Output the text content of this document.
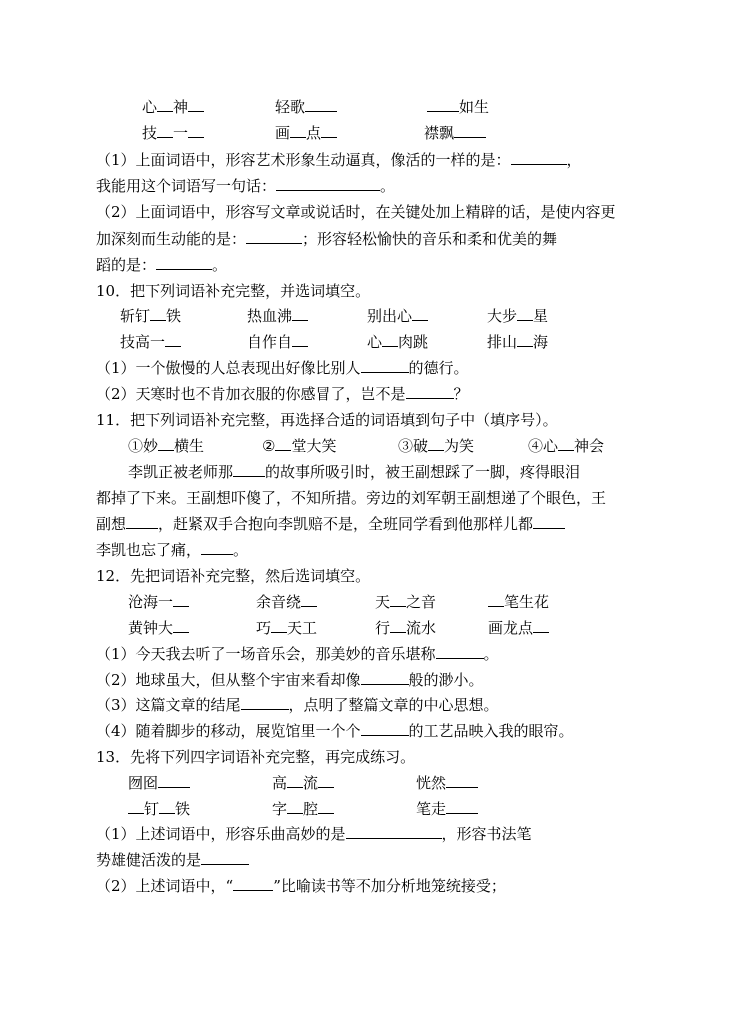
心 神	轻歌	如生
技 一	画 点	襟飘
（1）上面词语中，形容艺术形象生动逼真，像活的一样的是：	，
我能用这个词语写一句话：	。
（2）上面词语中，形容写文章或说话时，在关键处加上精辟的话，是使内容更
加深刻而生动能的是：	；形容轻松愉快的音乐和柔和优美的舞
蹈的是：	。
10．把下列词语补充完整，并选词填空。
斩钉 铁	热血沸	别出心	大步 星
技高一	自作自	心 肉跳	排山 海
（1）一个傲慢的人总表现出好像比别人	的德行。
（2）天寒时也不肯加衣服的你感冒了，岂不是	？
11．把下列词语补充完整，再选择合适的词语填到句子中（填序号）。
①妙 横生	② 堂大笑	③破 为笑	④心 神会
李凯正被老师那 的故事所吸引时，被王副想踩了一脚，疼得眼泪
都掉了下来。王副想吓傻了，不知所措。旁边的刘军朝王副想递了个眼色，王
副想 ，赶紧双手合抱向李凯赔不是，全班同学看到他那样儿都
李凯也忘了痛， 。
12．先把词语补充完整，然后选词填空。
沧海一	余音绕	天 之音	笔生花
黄钟大	巧 天工	行 流水	画龙点
（1）今天我去听了一场音乐会，那美妙的音乐堪称	。
（2）地球虽大，但从整个宇宙来看却像	般的渺小。
（3）这篇文章的结尾	，点明了整篇文章的中心思想。
（4）随着脚步的移动，展览馆里一个个	的工艺品映入我的眼帘。
13．先将下列四字词语补充完整，再完成练习。
囫囵	高 流	恍然
钉 铁	字 腔	笔走
（1）上述词语中，形容乐曲高妙的是	，形容书法笔
势雄健活泼的是
（2）上述词语中，“	”比喻读书等不加分析地笼统接受；
